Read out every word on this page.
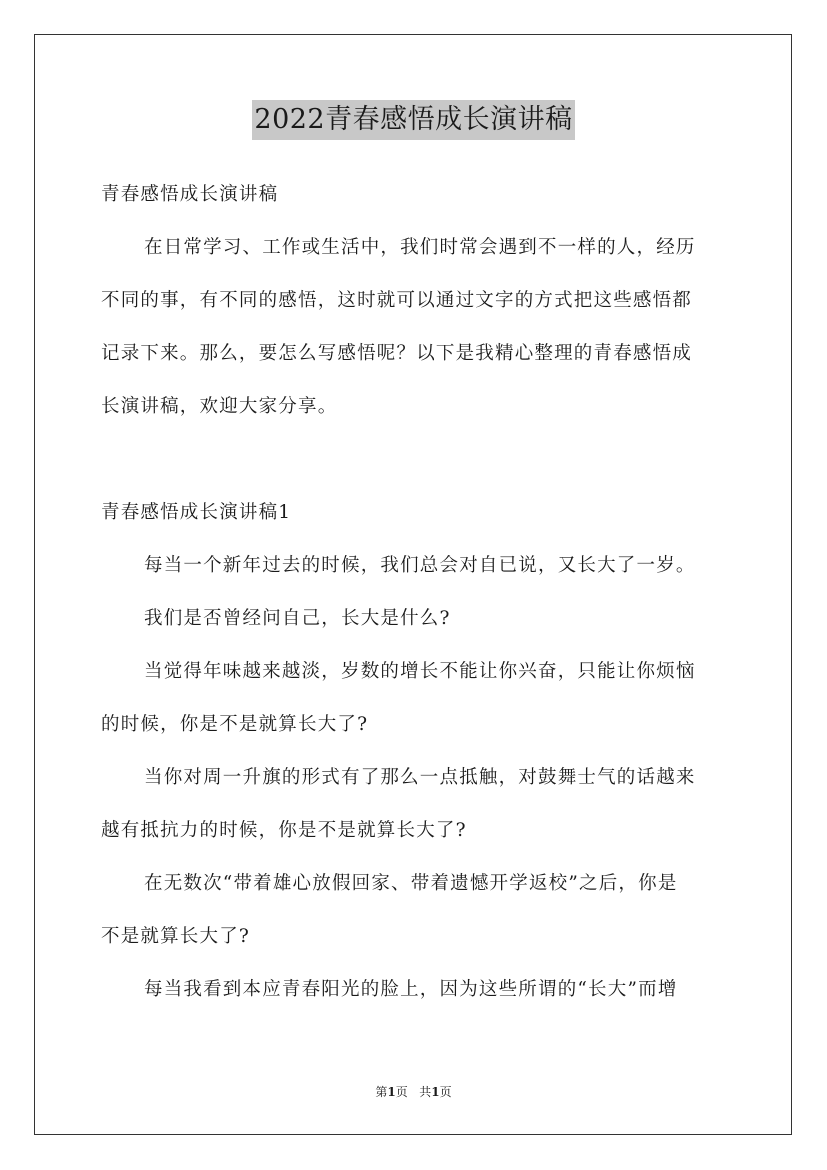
2022青春感悟成长演讲稿
青春感悟成长演讲稿
在日常学习、工作或生活中，我们时常会遇到不一样的人，经历
不同的事，有不同的感悟，这时就可以通过文字的方式把这些感悟都
记录下来。那么，要怎么写感悟呢？以下是我精心整理的青春感悟成
长演讲稿，欢迎大家分享。
青春感悟成长演讲稿1
每当一个新年过去的时候，我们总会对自已说，又长大了一岁。
我们是否曾经问自己，长大是什么?
当觉得年味越来越淡，岁数的增长不能让你兴奋，只能让你烦恼
的时候，你是不是就算长大了?
当你对周一升旗的形式有了那么一点抵触，对鼓舞士气的话越来
越有抵抗力的时候，你是不是就算长大了?
在无数次“带着雄心放假回家、带着遗憾开学返校”之后，你是
不是就算长大了?
每当我看到本应青春阳光的脸上，因为这些所谓的“长大”而增
第1页 共1页
